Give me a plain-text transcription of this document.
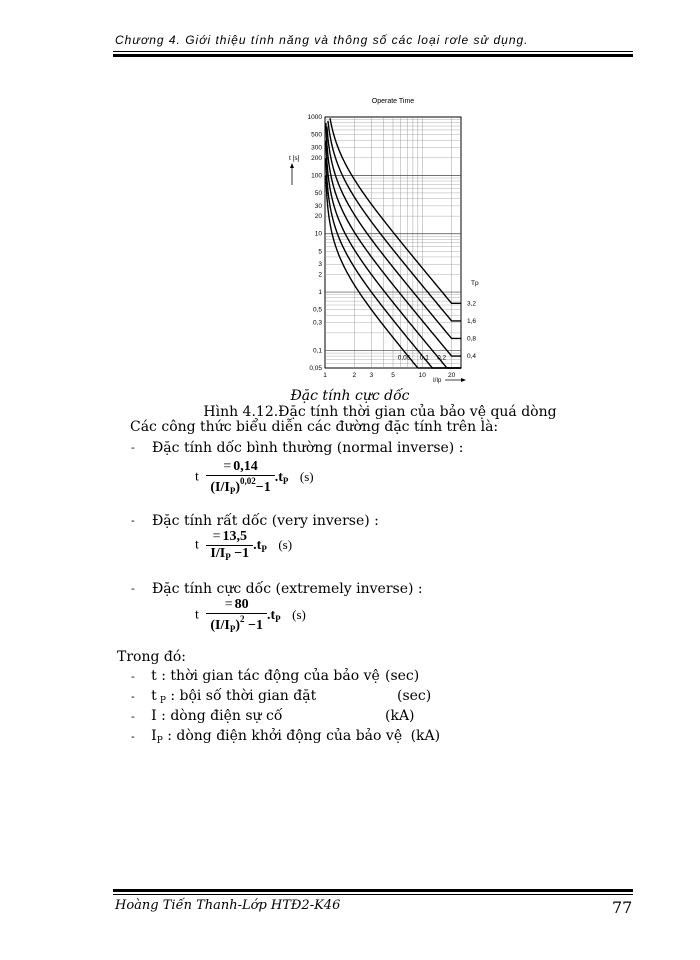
Chương 4. Giới thiệu tính năng và thông số các loại rơle sử dụng.
Operate Time
1000
500
300
200
100
50
30
20
10
5
3
2
1
0,5
0,3
0,1
0,05
1	2 3	5	10	20
3,2
1,6
0,8
0,4
0,05 0,1 0,2
t [s]
Tp
I/Ip
Đặc tính cực dốc
Hình 4.12.Đặc tính thời gian của bảo vệ quá dòng
Các công thức biểu diễn các đường đặc tính trên là:
- Đặc tính dốc bình thường (normal inverse) :
t $\frac{= 0,14}{(I/I_P)^{0,02}-1} .t_P$ (s)
- Đặc tính rất dốc (very inverse) :
t $\frac{= 13,5}{I/I_P -1} .t_P$ (s)
- Đặc tính cực dốc (extremely inverse) :
t $\frac{= 80}{(I/I_P)^2 -1} .t_P$ (s)
Trong đó:
- t : thời gian tác động của bảo vệ (sec)
- t $_P$ : bội số thời gian đặt	(sec)
- I : dòng điện sự cố	(kA)
- $I_P$ : dòng điện khởi động của bảo vệ (kA)
Hoàng Tiến Thanh-Lớp HTĐ2-K46	77
